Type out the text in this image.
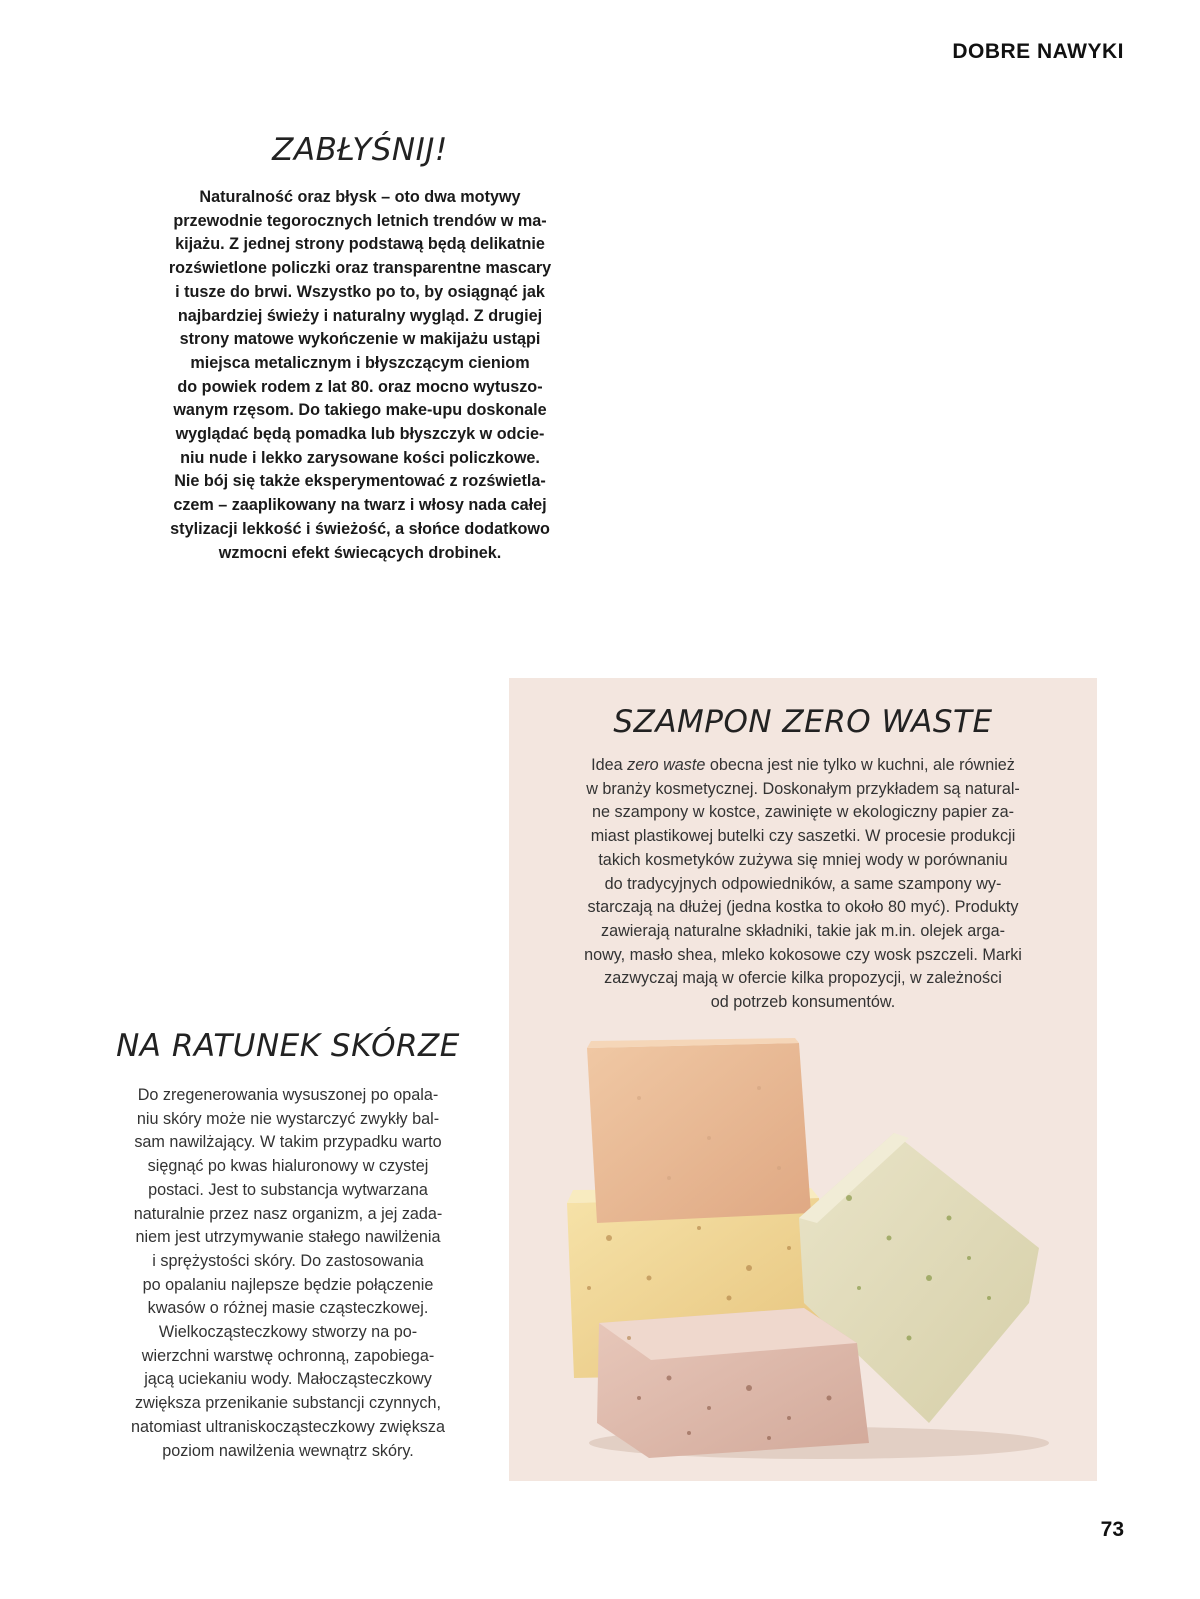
DOBRE NAWYKI
ZABŁYŚNIJ!

Naturalność oraz błysk – oto dwa motywy

przewodnie tegorocznych letnich trendów w ma-

kijażu. Z jednej strony podstawą będą delikatnie

rozświetlone policzki oraz transparentne mascary

i tusze do brwi. Wszystko po to, by osiągnąć jak

najbardziej świeży i naturalny wygląd. Z drugiej

strony matowe wykończenie w makijażu ustąpi

miejsca metalicznym i błyszczącym cieniom

do powiek rodem z lat 80. oraz mocno wytuszo-

wanym rzęsom. Do takiego make-upu doskonale

wyglądać będą pomadka lub błyszczyk w odcie-

niu nude i lekko zarysowane kości policzkowe.

Nie bój się także eksperymentować z rozświetla-

czem – zaaplikowany na twarz i włosy nada całej

stylizacji lekkość i świeżość, a słońce dodatkowo

wzmocni efekt świecących drobinek.

SZAMPON ZERO WASTE

Idea zero waste obecna jest nie tylko w kuchni, ale również

w branży kosmetycznej. Doskonałym przykładem są natural-

ne szampony w kostce, zawinięte w ekologiczny papier za-

miast plastikowej butelki czy saszetki. W procesie produkcji

takich kosmetyków zużywa się mniej wody w porównaniu

do tradycyjnych odpowiedników, a same szampony wy-

starczają na dłużej (jedna kostka to około 80 myć). Produkty

zawierają naturalne składniki, takie jak m.in. olejek arga-

nowy, masło shea, mleko kokosowe czy wosk pszczeli. Marki

zazwyczaj mają w ofercie kilka propozycji, w zależności

od potrzeb konsumentów.

NA RATUNEK SKÓRZE

Do zregenerowania wysuszonej po opala-

niu skóry może nie wystarczyć zwykły bal-

sam nawilżający. W takim przypadku warto

sięgnąć po kwas hialuronowy w czystej

postaci. Jest to substancja wytwarzana

naturalnie przez nasz organizm, a jej zada-

niem jest utrzymywanie stałego nawilżenia

i sprężystości skóry. Do zastosowania

po opalaniu najlepsze będzie połączenie

kwasów o różnej masie cząsteczkowej.

Wielkocząsteczkowy stworzy na po-

wierzchni warstwę ochronną, zapobiega-

jącą uciekaniu wody. Małocząsteczkowy

zwiększa przenikanie substancji czynnych,

natomiast ultraniskocząsteczkowy zwiększa

poziom nawilżenia wewnątrz skóry.

73
